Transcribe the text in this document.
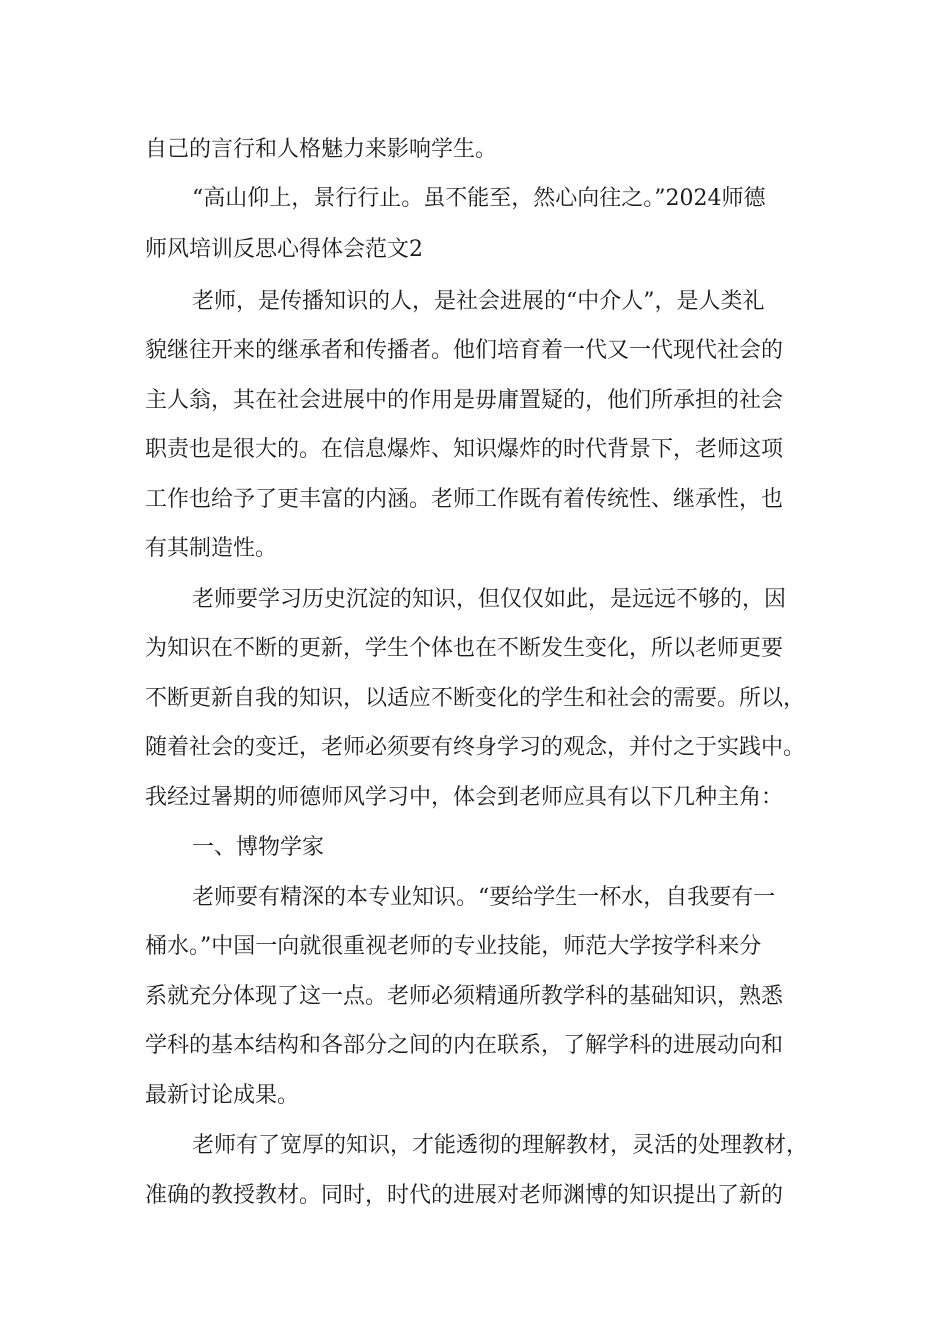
自己的言行和人格魅力来影响学生。
“高山仰上，景行行止。虽不能至，然心向往之。”2024师德
师风培训反思心得体会范文2
老师，是传播知识的人，是社会进展的“中介人”，是人类礼
貌继往开来的继承者和传播者。他们培育着一代又一代现代社会的
主人翁，其在社会进展中的作用是毋庸置疑的，他们所承担的社会
职责也是很大的。在信息爆炸、知识爆炸的时代背景下，老师这项
工作也给予了更丰富的内涵。老师工作既有着传统性、继承性，也
有其制造性。
老师要学习历史沉淀的知识，但仅仅如此，是远远不够的，因
为知识在不断的更新，学生个体也在不断发生变化，所以老师更要
不断更新自我的知识，以适应不断变化的学生和社会的需要。所以，
随着社会的变迁，老师必须要有终身学习的观念，并付之于实践中。
我经过暑期的师德师风学习中，体会到老师应具有以下几种主角：
一、博物学家
老师要有精深的本专业知识。“要给学生一杯水，自我要有一
桶水。”中国一向就很重视老师的专业技能，师范大学按学科来分
系就充分体现了这一点。老师必须精通所教学科的基础知识，熟悉
学科的基本结构和各部分之间的内在联系，了解学科的进展动向和
最新讨论成果。
老师有了宽厚的知识，才能透彻的理解教材，灵活的处理教材，
准确的教授教材。同时，时代的进展对老师渊博的知识提出了新的
